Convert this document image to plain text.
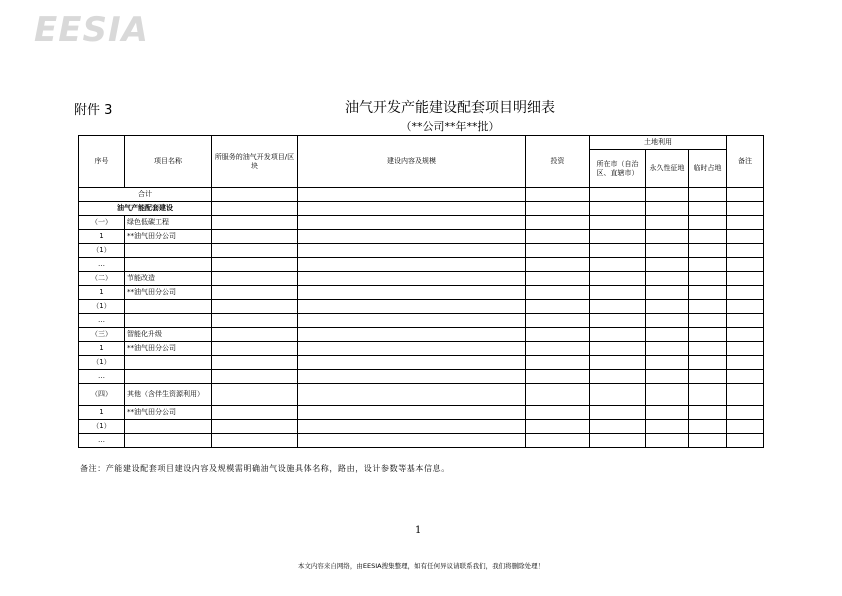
EESIA
附件 3	油气开发产能建设配套项目明细表
（**公司**年**批）
序号	项目名称	所服务的油气开发项目/区块	建设内容及规模	投资	土地利用			备注
					所在市（自治区、直辖市）	永久性征地	临时占地	
合计								
油气产能配套建设								
（一）	绿色低碳工程							
1	**油气田分公司							
（1）								
…								
（二）	节能改造							
1	**油气田分公司							
（1）								
…								
（三）	智能化升级							
1	**油气田分公司							
（1）								
…								
（四）	其他（含伴生资源利用）							
1	**油气田分公司							
（1）								
…								
备注：产能建设配套项目建设内容及规模需明确油气设施具体名称，路由，设计参数等基本信息。
1
本文内容来自网络，由EESIA搜集整理，如有任何异议请联系我们，我们将删除处理！
